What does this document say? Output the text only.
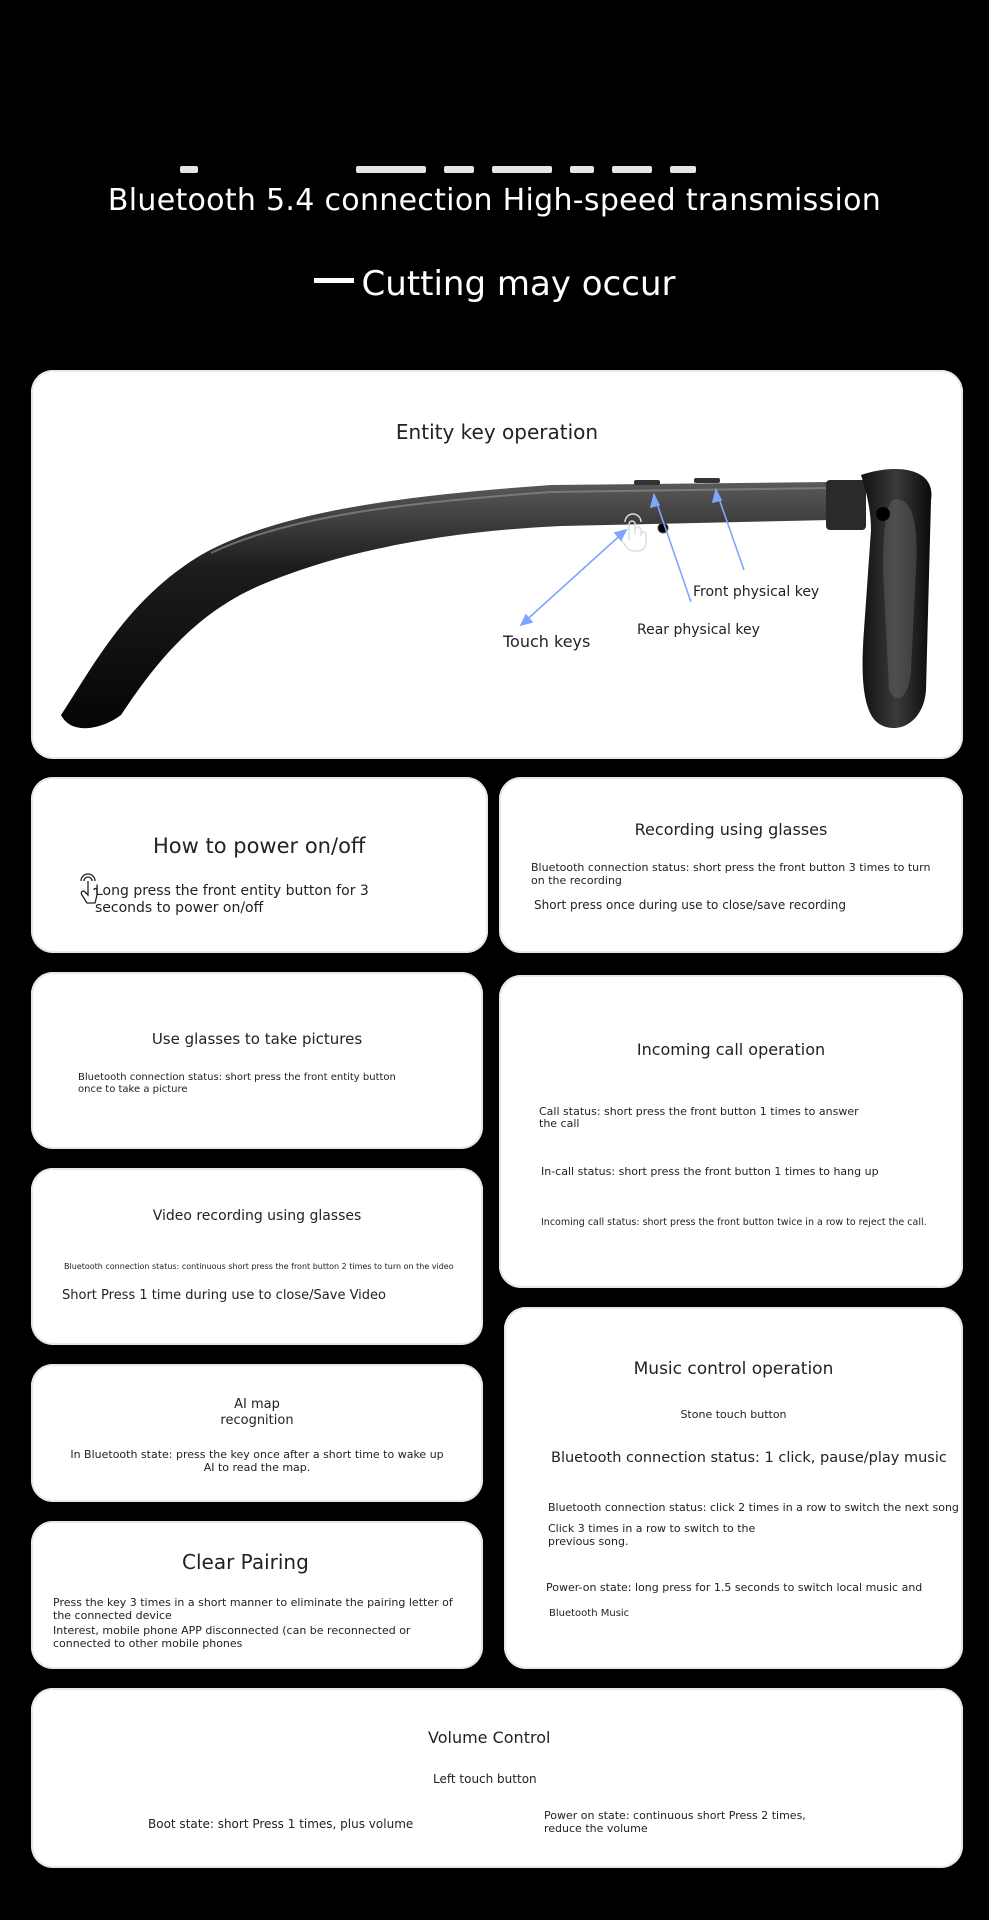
Bluetooth 5.4 connection High-speed transmission
Cutting may occur
Entity key operation
Front physical key
Rear physical key
Touch keys
How to power on/off
Long press the front entity button for 3 seconds to power on/off
Recording using glasses
Bluetooth connection status: short press the front button 3 times to turn on the recording
Short press once during use to close/save recording
Use glasses to take pictures
Bluetooth connection status: short press the front entity button once to take a picture
Incoming call operation
Call status: short press the front button 1 times to answer the call
In-call status: short press the front button 1 times to hang up
Incoming call status: short press the front button twice in a row to reject the call.
Video recording using glasses
Bluetooth connection status: continuous short press the front button 2 times to turn on the video
Short Press 1 time during use to close/Save Video
Music control operation
Stone touch button
Bluetooth connection status: 1 click, pause/play music
Bluetooth connection status: click 2 times in a row to switch the next song
Click 3 times in a row to switch to the previous song.
Power-on state: long press for 1.5 seconds to switch local music and
Bluetooth Music
AI map
recognition
In Bluetooth state: press the key once after a short time to wake up AI to read the map.
Clear Pairing
Press the key 3 times in a short manner to eliminate the pairing letter of the connected device
Interest, mobile phone APP disconnected (can be reconnected or connected to other mobile phones
Volume Control
Left touch button
Boot state: short Press 1 times, plus volume
Power on state: continuous short Press 2 times, reduce the volume
